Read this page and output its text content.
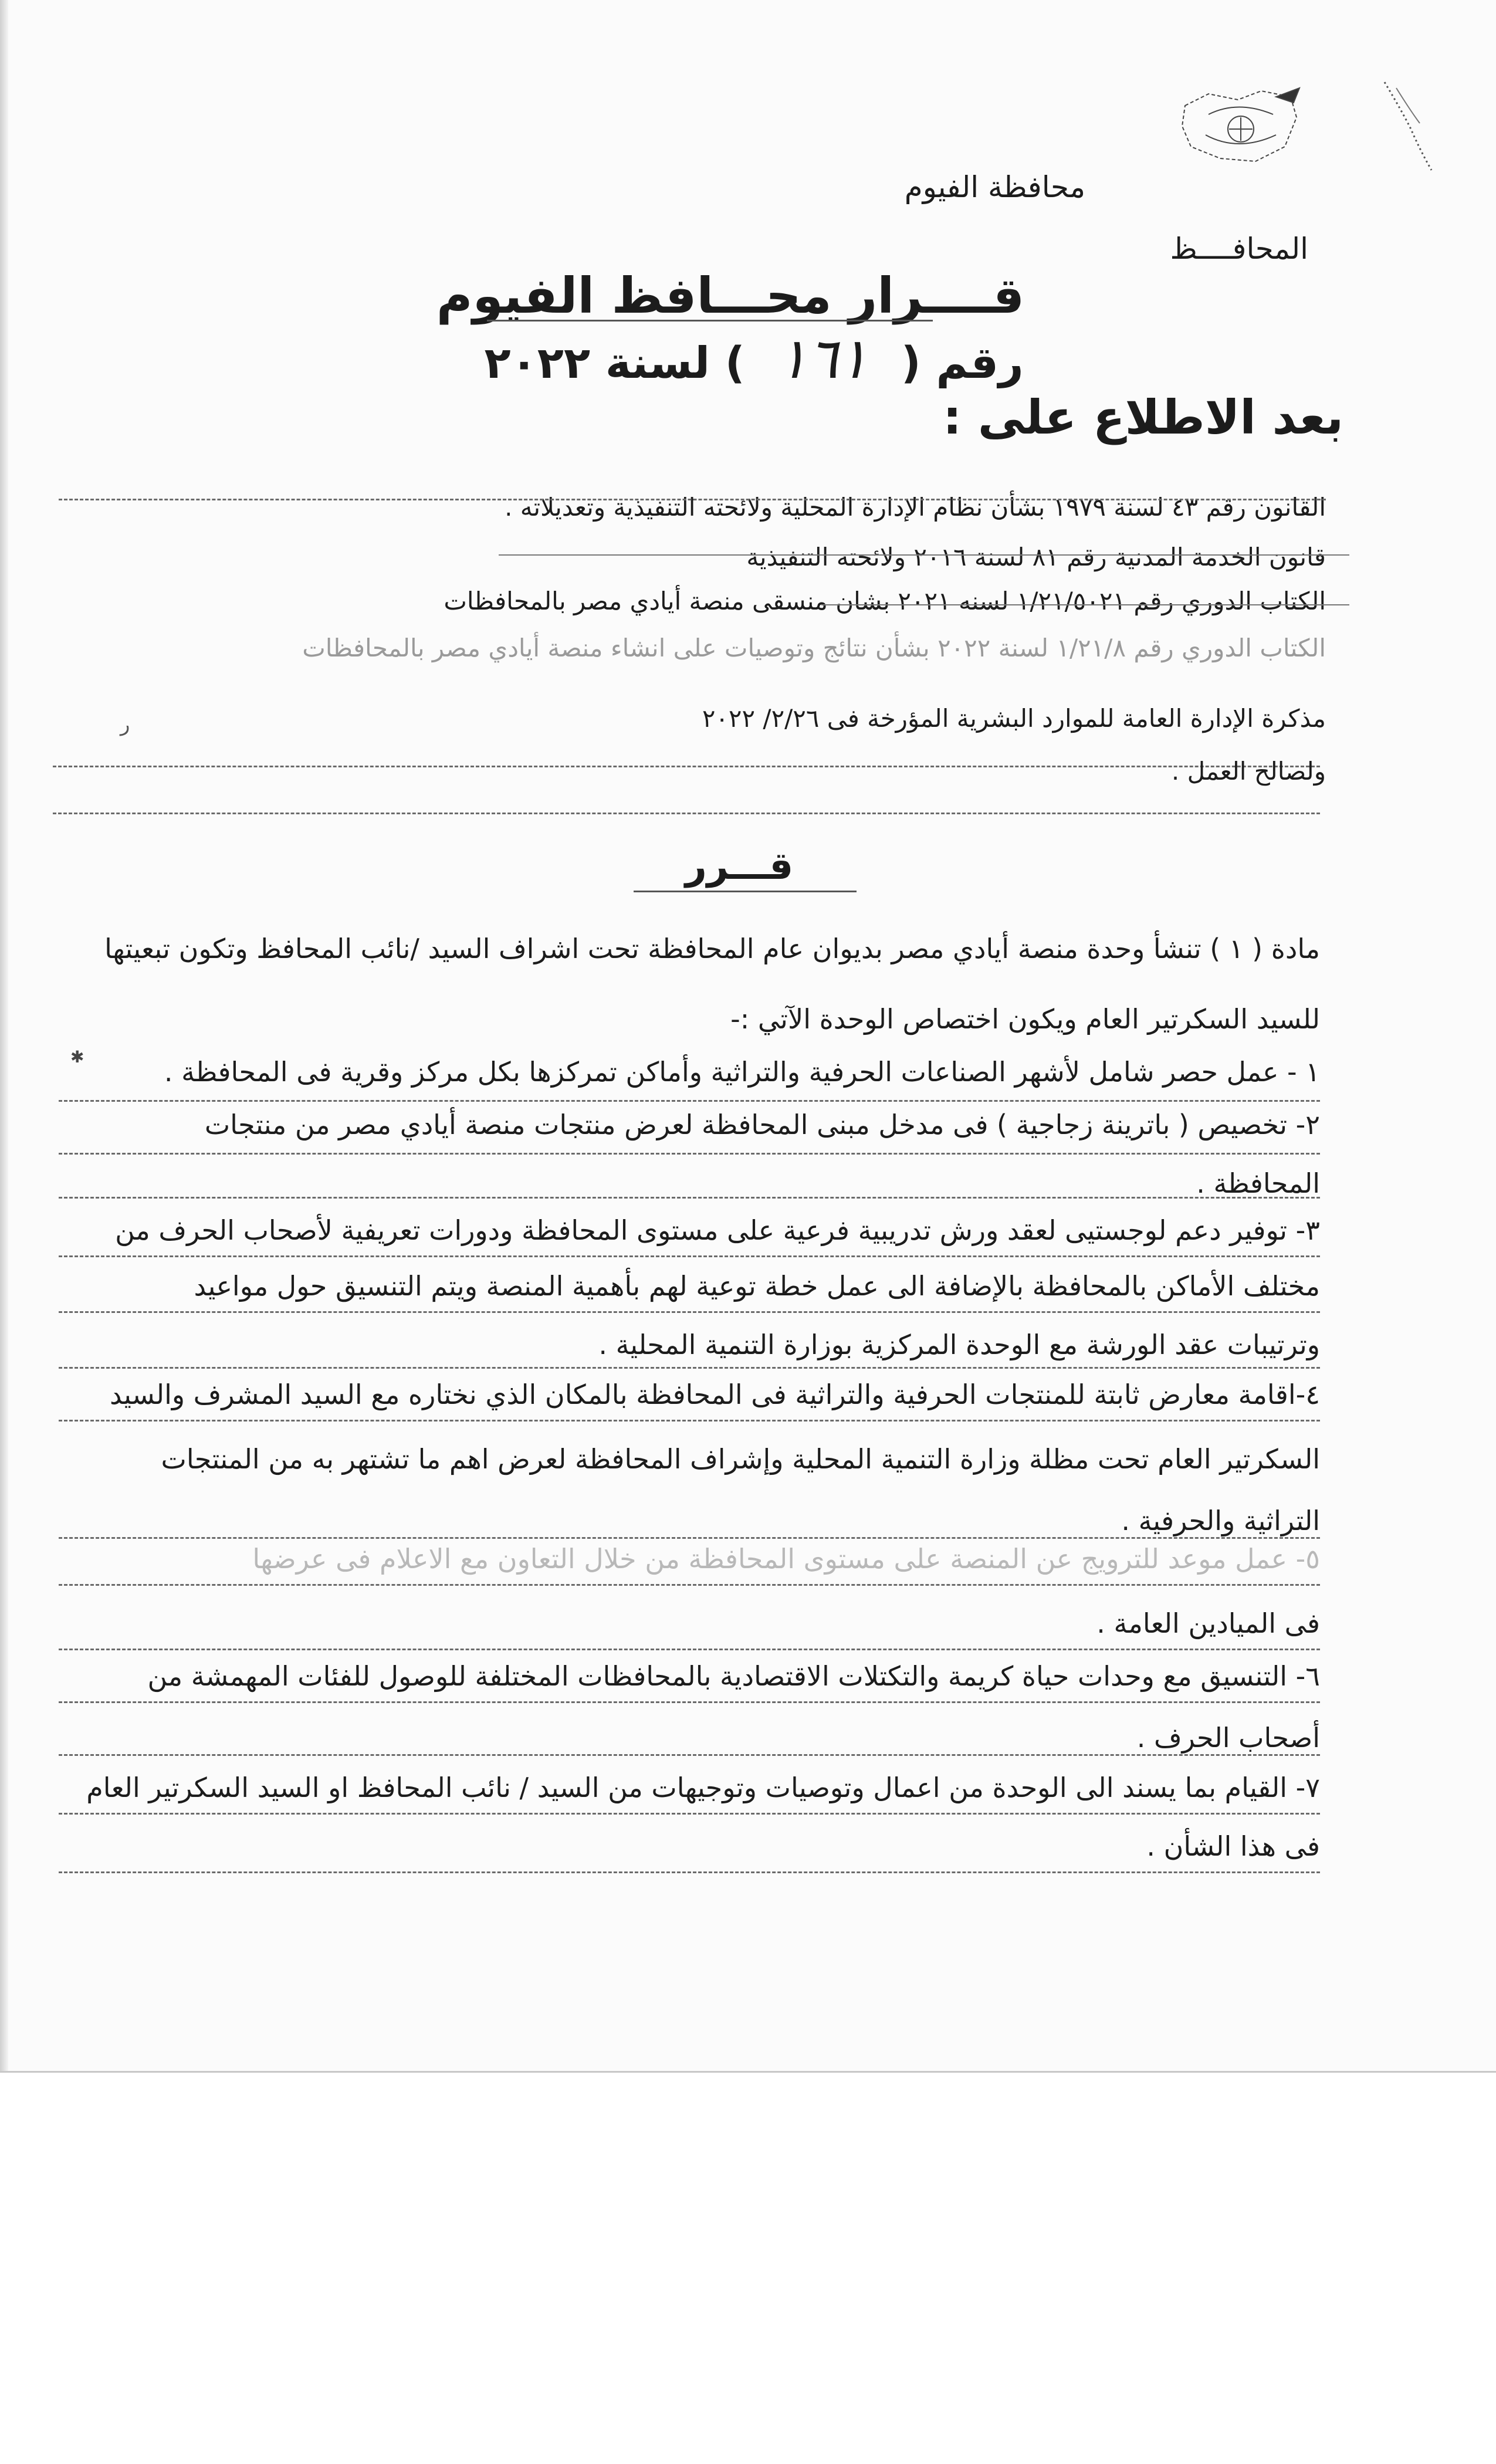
محافظة الفيوم
المحافــــظ
قــــرار محـــافظ الفيوم
رقم ( ١٦١ ) لسنة ٢٠٢٢
بعد الاطلاع على :
القانون رقم ٤٣ لسنة ١٩٧٩ بشأن نظام الإدارة المحلية ولائحته التنفيذية وتعديلاته .
قانون الخدمة المدنية رقم ٨١ لسنة ٢٠١٦ ولائحته التنفيذية
الكتاب الدوري رقم ١/٢١/٥٠٢١ لسنه ٢٠٢١ بشان منسقى منصة أيادي مصر بالمحافظات
الكتاب الدوري رقم ١/٢١/٨ لسنة ٢٠٢٢ بشأن نتائج وتوصيات على انشاء منصة أيادي مصر بالمحافظات
مذكرة الإدارة العامة للموارد البشرية المؤرخة فى ٢/٢٦/ ٢٠٢٢
ر
ولصالح العمل .
قـــرر
مادة ( ١ ) تنشأ وحدة منصة أيادي مصر بديوان عام المحافظة تحت اشراف السيد /نائب المحافظ وتكون تبعيتها
للسيد السكرتير العام ويكون اختصاص الوحدة الآتي :-
١ - عمل حصر شامل لأشهر الصناعات الحرفية والتراثية وأماكن تمركزها بكل مركز وقرية فى المحافظة .
✱
٢- تخصيص ( باترينة زجاجية ) فى مدخل مبنى المحافظة لعرض منتجات منصة أيادي مصر من منتجات
المحافظة .
٣- توفير دعم لوجستيى لعقد ورش تدريبية فرعية على مستوى المحافظة ودورات تعريفية لأصحاب الحرف من
مختلف الأماكن بالمحافظة بالإضافة الى عمل خطة توعية لهم بأهمية المنصة ويتم التنسيق حول مواعيد
وترتيبات عقد الورشة مع الوحدة المركزية بوزارة التنمية المحلية .
٤-اقامة معارض ثابتة للمنتجات الحرفية والتراثية فى المحافظة بالمكان الذي نختاره مع السيد المشرف والسيد
السكرتير العام تحت مظلة وزارة التنمية المحلية وإشراف المحافظة لعرض اهم ما تشتهر به من المنتجات
التراثية والحرفية .
٥- عمل موعد للترويج عن المنصة على مستوى المحافظة من خلال التعاون مع الاعلام فى عرضها
فى الميادين العامة .
٦- التنسيق مع وحدات حياة كريمة والتكتلات الاقتصادية بالمحافظات المختلفة للوصول للفئات المهمشة من
أصحاب الحرف .
٧- القيام بما يسند الى الوحدة من اعمال وتوصيات وتوجيهات من السيد / نائب المحافظ او السيد السكرتير العام
فى هذا الشأن .
